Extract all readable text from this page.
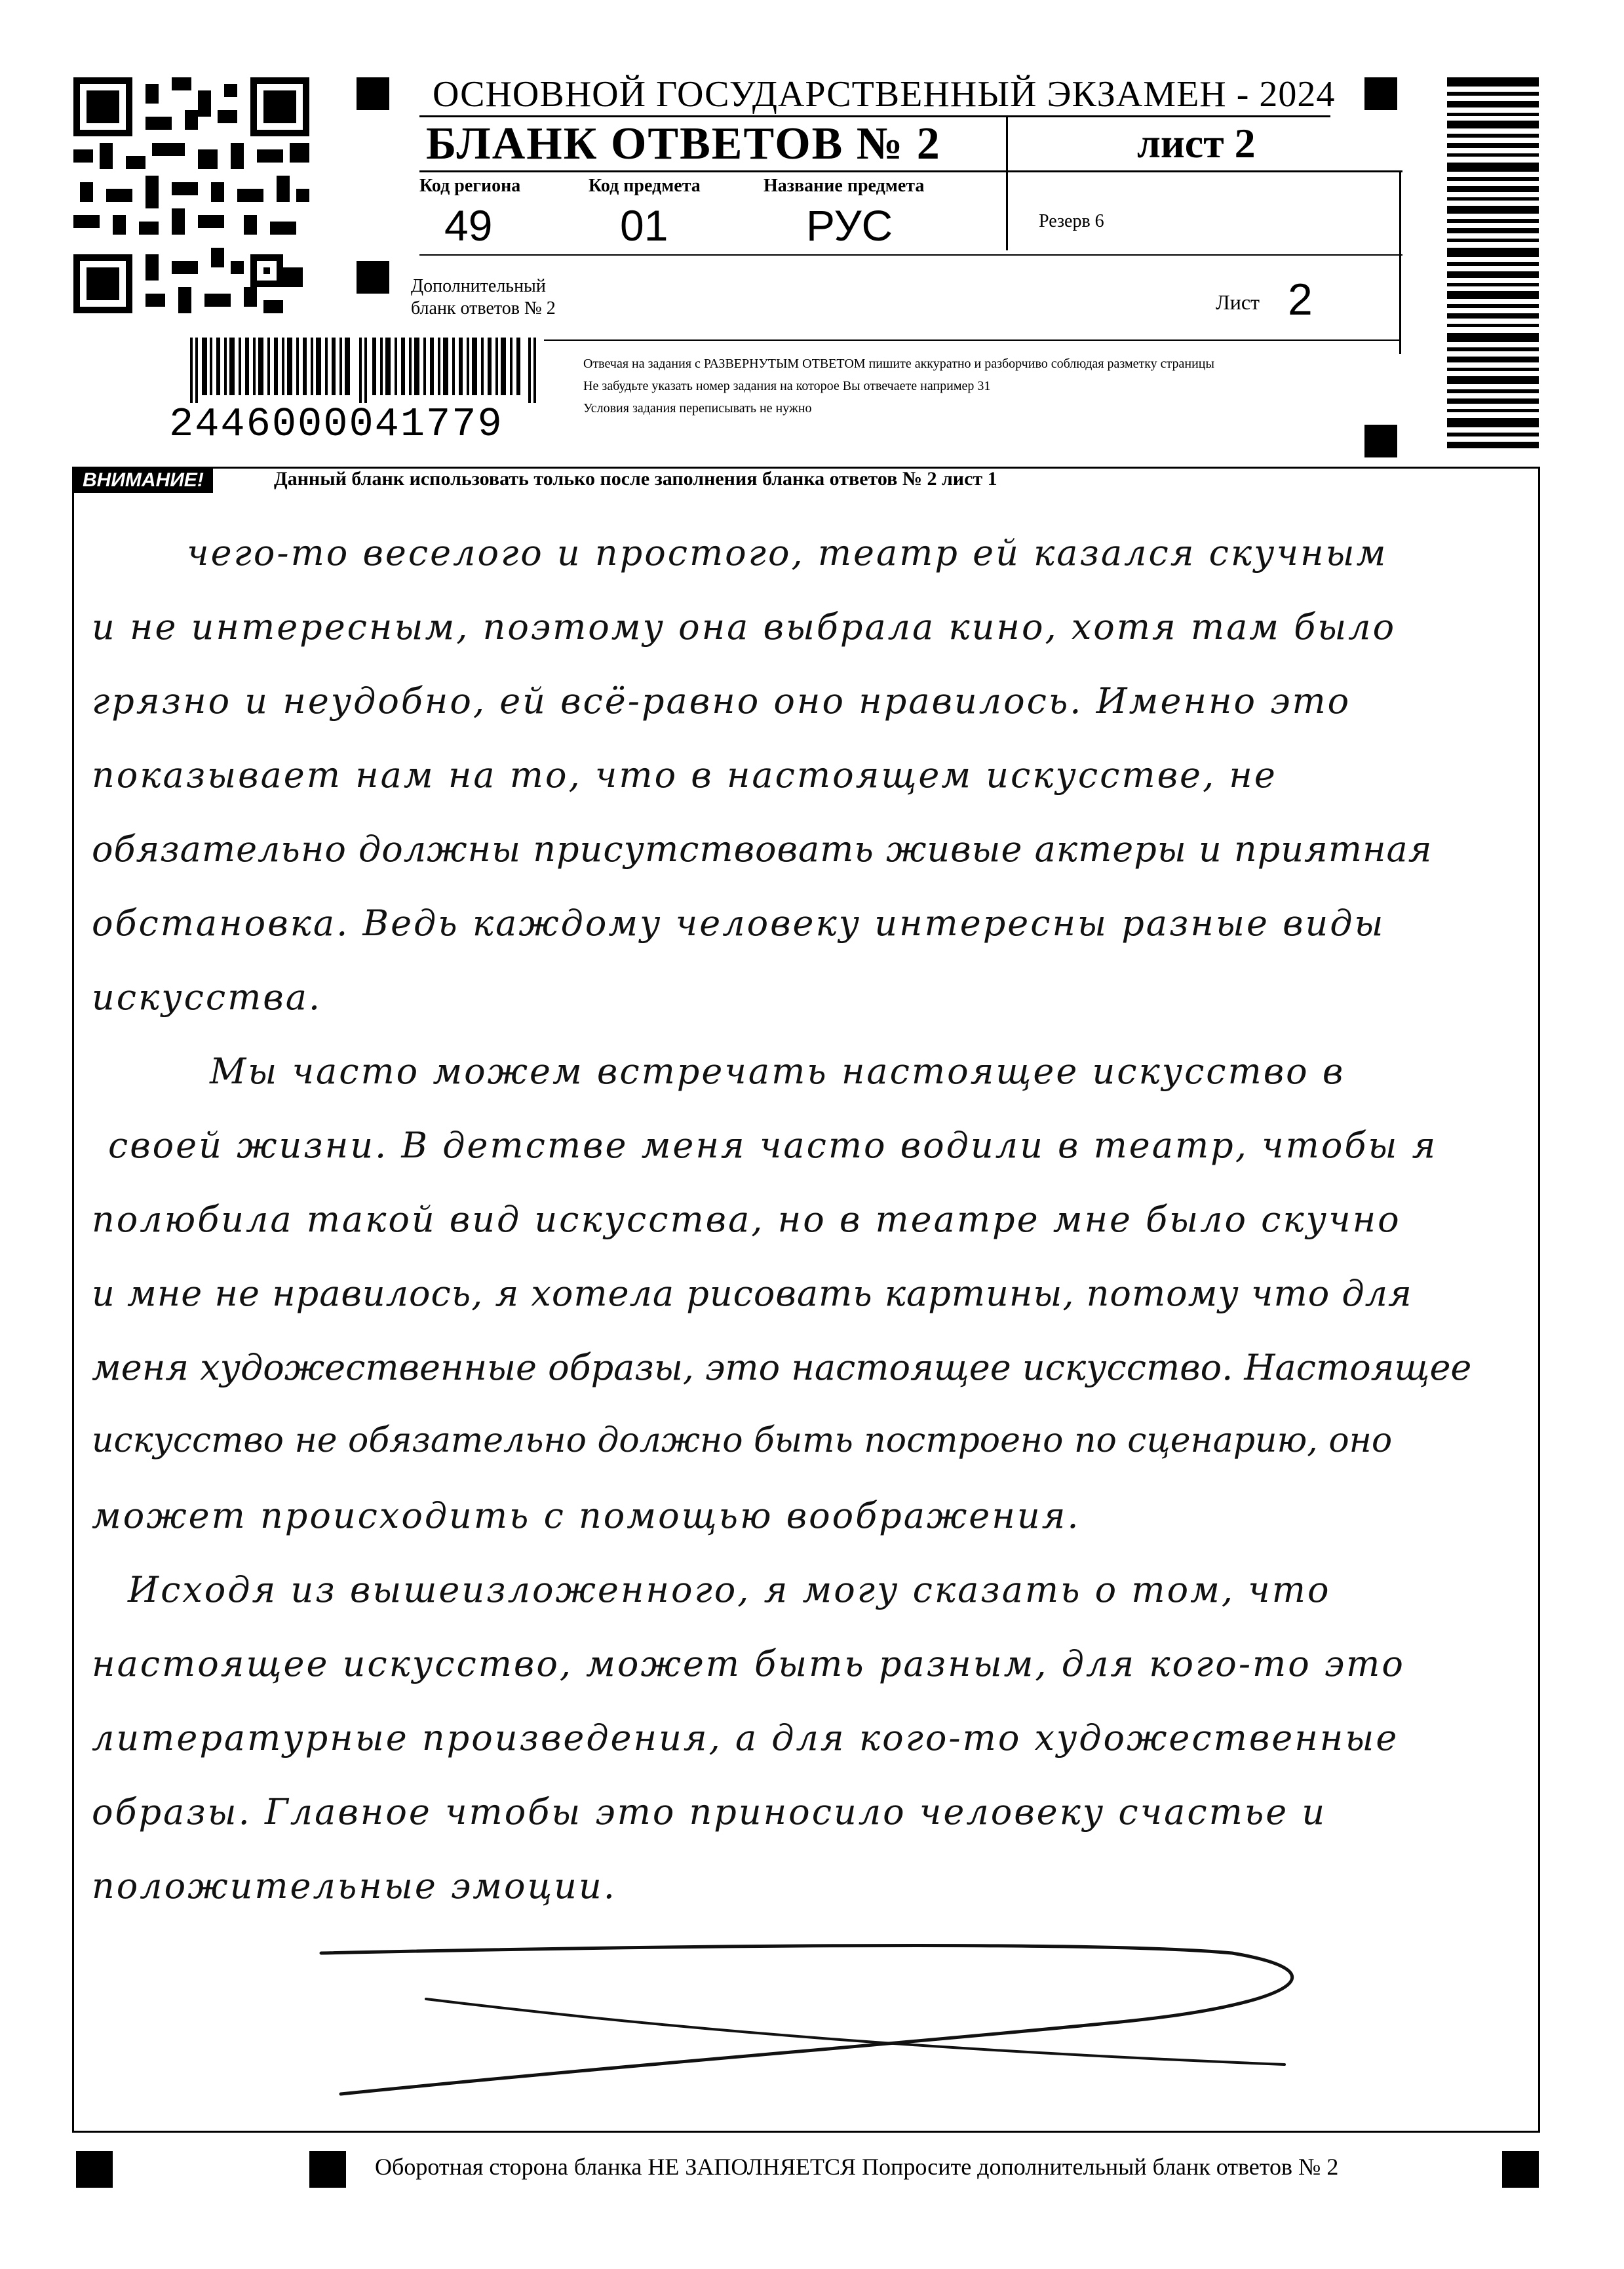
ОСНОВНОЙ ГОСУДАРСТВЕННЫЙ ЭКЗАМЕН - 2024
БЛАНК ОТВЕТОВ № 2	лист 2
Код региона
49
Код предмета
01
Название предмета
РУС	Резерв 6
Дополнительный
бланк ответов № 2	Лист 2
Отвечая на задания с РАЗВЕРНУТЫМ ОТВЕТОМ пишите аккуратно и разборчиво соблюдая разметку страницы
Не забудьте указать номер задания на которое Вы отвечаете например 31
Условия задания переписывать не нужно
2446000041779
ВНИМАНИЕ!	Данный бланк использовать только после заполнения бланка ответов № 2 лист 1
чего-то веселого и простого, театр ей казался скучным
и не интересным, поэтому она выбрала кино, хотя там было
грязно и неудобно, ей всё-равно оно нравилось. Именно это
показывает нам на то, что в настоящем искусстве, не
обязательно должны присутствовать живые актеры и приятная
обстановка. Ведь каждому человеку интересны разные виды
искусства.
Мы часто можем встречать настоящее искусство в
своей жизни. В детстве меня часто водили в театр, чтобы я
полюбила такой вид искусства, но в театре мне было скучно
и мне не нравилось, я хотела рисовать картины, потому что для
меня художественные образы, это настоящее искусство. Настоящее
искусство не обязательно должно быть построено по сценарию, оно
может происходить с помощью воображения.
Исходя из вышеизложенного, я могу сказать о том, что
настоящее искусство, может быть разным, для кого-то это
литературные произведения, а для кого-то художественные
образы. Главное чтобы это приносило человеку счастье и
положительные эмоции.
Оборотная сторона бланка НЕ ЗАПОЛНЯЕТСЯ Попросите дополнительный бланк ответов № 2
